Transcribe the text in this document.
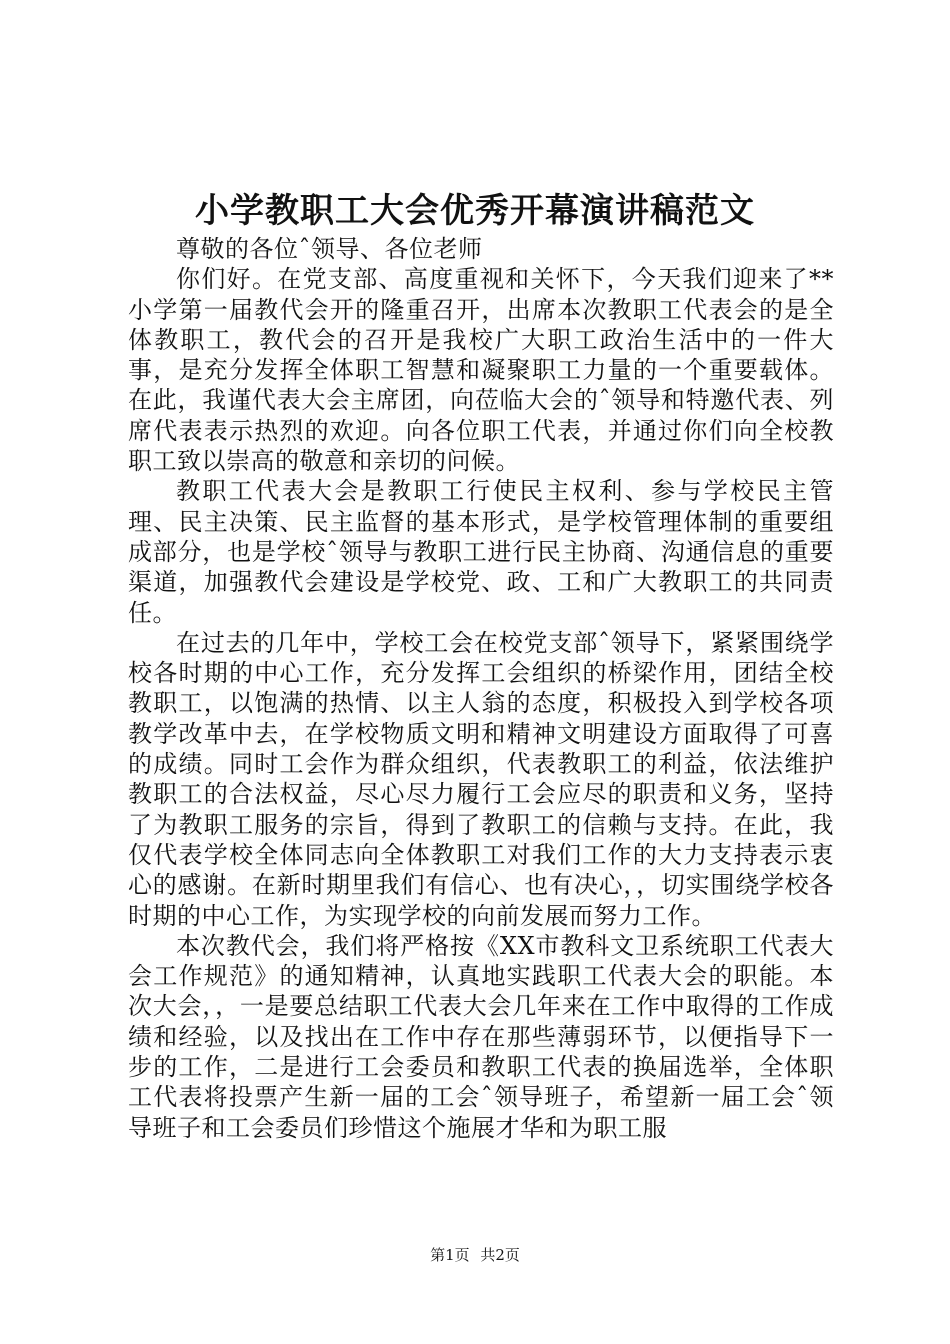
小学教职工大会优秀开幕演讲稿范文

尊敬的各位ˆ领导、各位老师

你们好。在党支部、高度重视和关怀下，今天我们迎来了**小学第一届教代会开的隆重召开，出席本次教职工代表会的是全体教职工，教代会的召开是我校广大职工政治生活中的一件大事，是充分发挥全体职工智慧和凝聚职工力量的一个重要载体。在此，我谨代表大会主席团，向莅临大会的ˆ领导和特邀代表、列席代表表示热烈的欢迎。向各位职工代表，并通过你们向全校教职工致以崇高的敬意和亲切的问候。

教职工代表大会是教职工行使民主权利、参与学校民主管理、民主决策、民主监督的基本形式，是学校管理体制的重要组成部分，也是学校ˆ领导与教职工进行民主协商、沟通信息的重要渠道，加强教代会建设是学校党、政、工和广大教职工的共同责任。

在过去的几年中，学校工会在校党支部ˆ领导下，紧紧围绕学校各时期的中心工作，充分发挥工会组织的桥梁作用，团结全校教职工，以饱满的热情、以主人翁的态度，积极投入到学校各项教学改革中去，在学校物质文明和精神文明建设方面取得了可喜的成绩。同时工会作为群众组织，代表教职工的利益，依法维护教职工的合法权益，尽心尽力履行工会应尽的职责和义务，坚持了为教职工服务的宗旨，得到了教职工的信赖与支持。在此，我仅代表学校全体同志向全体教职工对我们工作的大力支持表示衷心的感谢。在新时期里我们有信心、也有决心，，切实围绕学校各时期的中心工作，为实现学校的向前发展而努力工作。

本次教代会，我们将严格按《XX市教科文卫系统职工代表大会工作规范》的通知精神，认真地实践职工代表大会的职能。本次大会，，一是要总结职工代表大会几年来在工作中取得的工作成绩和经验，以及找出在工作中存在那些薄弱环节，以便指导下一步的工作，二是进行工会委员和教职工代表的换届选举，全体职工代表将投票产生新一届的工会ˆ领导班子，希望新一届工会ˆ领导班子和工会委员们珍惜这个施展才华和为职工服

第1页 共2页
